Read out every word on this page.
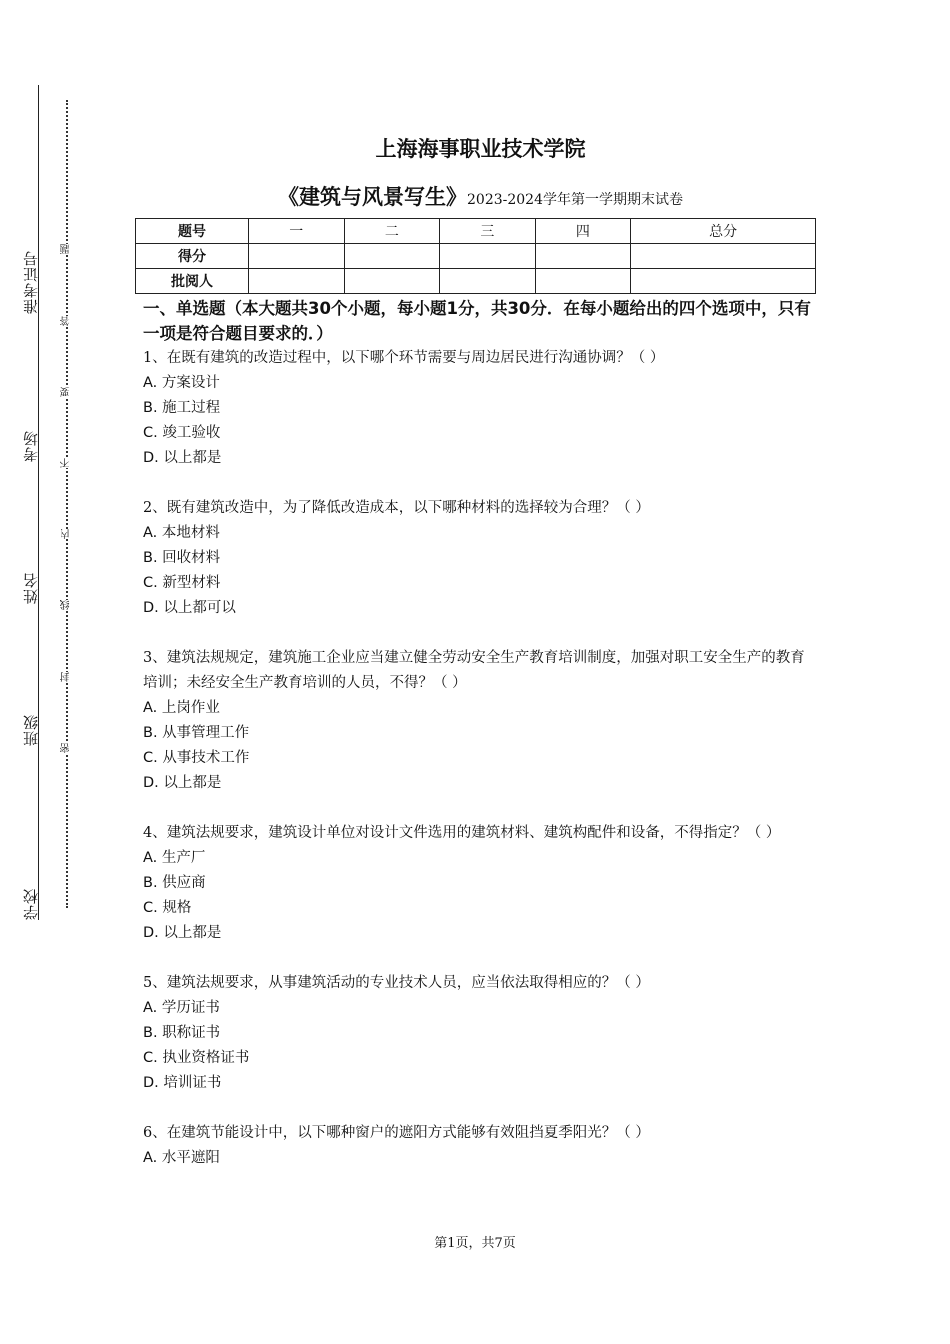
准考证号
考场
姓名
班级
学校
题
答
要
不
内
线
封
密
上海海事职业技术学院
《建筑与风景写生》2023-2024学年第一学期期末试卷
题号	一	二	三	四	总分
得分					
批阅人					
一、单选题（本大题共30个小题，每小题1分，共30分．在每小题给出的四个选项中，只有一项是符合题目要求的．）

1、在既有建筑的改造过程中，以下哪个环节需要与周边居民进行沟通协调？（ ）

A. 方案设计

B. 施工过程

C. 竣工验收

D. 以上都是

2、既有建筑改造中，为了降低改造成本，以下哪种材料的选择较为合理？（ ）

A. 本地材料

B. 回收材料

C. 新型材料

D. 以上都可以

3、建筑法规规定，建筑施工企业应当建立健全劳动安全生产教育培训制度，加强对职工安全生产的教育培训；未经安全生产教育培训的人员，不得？（ ）

A. 上岗作业

B. 从事管理工作

C. 从事技术工作

D. 以上都是

4、建筑法规要求，建筑设计单位对设计文件选用的建筑材料、建筑构配件和设备，不得指定？（ ）

A. 生产厂

B. 供应商

C. 规格

D. 以上都是

5、建筑法规要求，从事建筑活动的专业技术人员，应当依法取得相应的？（ ）

A. 学历证书

B. 职称证书

C. 执业资格证书

D. 培训证书

6、在建筑节能设计中，以下哪种窗户的遮阳方式能够有效阻挡夏季阳光？（ ）

A. 水平遮阳

第1页，共7页
